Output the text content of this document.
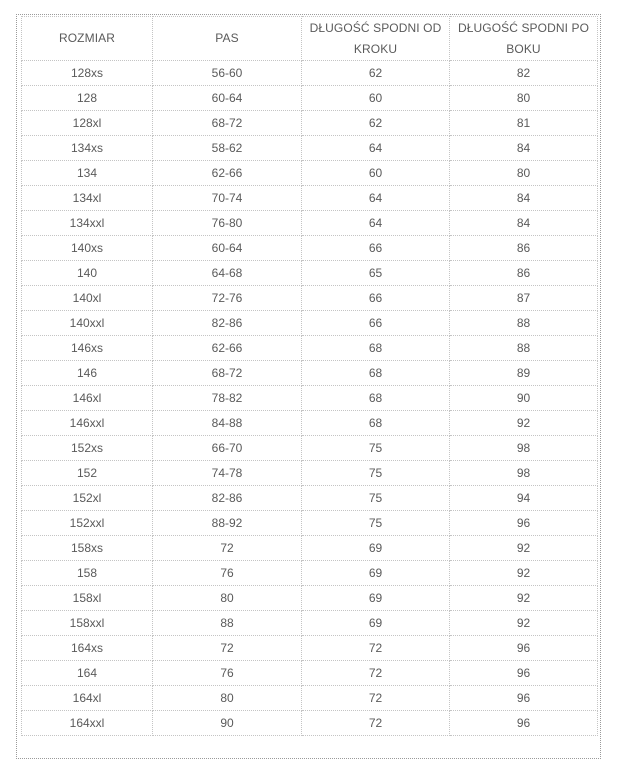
ROZMIAR	PAS	DŁUGOŚĆ SPODNI OD KROKU	DŁUGOŚĆ SPODNI PO BOKU
128xs	56-60	62	82
128	60-64	60	80
128xl	68-72	62	81
134xs	58-62	64	84
134	62-66	60	80
134xl	70-74	64	84
134xxl	76-80	64	84
140xs	60-64	66	86
140	64-68	65	86
140xl	72-76	66	87
140xxl	82-86	66	88
146xs	62-66	68	88
146	68-72	68	89
146xl	78-82	68	90
146xxl	84-88	68	92
152xs	66-70	75	98
152	74-78	75	98
152xl	82-86	75	94
152xxl	88-92	75	96
158xs	72	69	92
158	76	69	92
158xl	80	69	92
158xxl	88	69	92
164xs	72	72	96
164	76	72	96
164xl	80	72	96
164xxl	90	72	96
